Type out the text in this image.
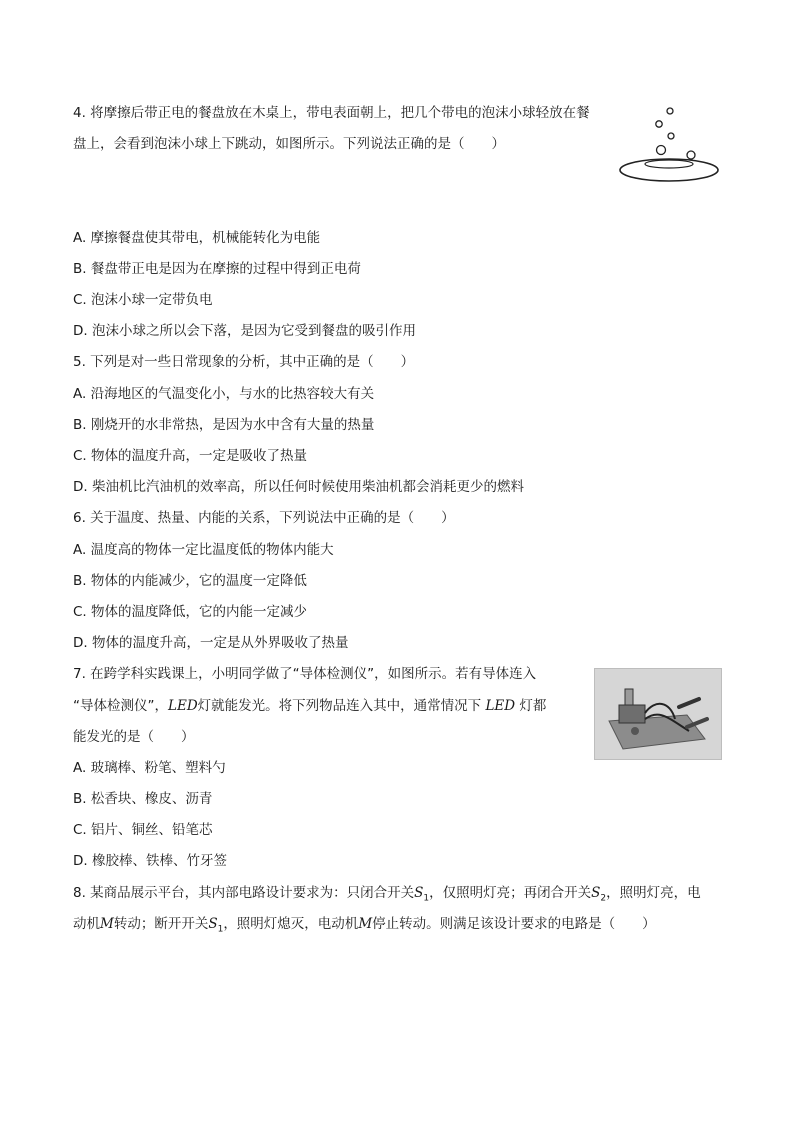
4. 将摩擦后带正电的餐盘放在木桌上，带电表面朝上，把几个带电的泡沫小球轻放在餐
盘上，会看到泡沫小球上下跳动，如图所示。下列说法正确的是（　　）
A. 摩擦餐盘使其带电，机械能转化为电能
B. 餐盘带正电是因为在摩擦的过程中得到正电荷
C. 泡沫小球一定带负电
D. 泡沫小球之所以会下落，是因为它受到餐盘的吸引作用
5. 下列是对一些日常现象的分析，其中正确的是（　　）
A. 沿海地区的气温变化小，与水的比热容较大有关
B. 刚烧开的水非常热，是因为水中含有大量的热量
C. 物体的温度升高，一定是吸收了热量
D. 柴油机比汽油机的效率高，所以任何时候使用柴油机都会消耗更少的燃料
6. 关于温度、热量、内能的关系，下列说法中正确的是（　　）
A. 温度高的物体一定比温度低的物体内能大
B. 物体的内能减少，它的温度一定降低
C. 物体的温度降低，它的内能一定减少
D. 物体的温度升高，一定是从外界吸收了热量
7. 在跨学科实践课上，小明同学做了“导体检测仪”，如图所示。若有导体连入
“导体检测仪”，LED灯就能发光。将下列物品连入其中，通常情况下 LED 灯都
能发光的是（　　）
A. 玻璃棒、粉笔、塑料勺
B. 松香块、橡皮、沥青
C. 铝片、铜丝、铅笔芯
D. 橡胶棒、铁棒、竹牙签
8. 某商品展示平台，其内部电路设计要求为：只闭合开关$S_1$，仅照明灯亮；再闭合开关$S_2$，照明灯亮，电
动机M转动；断开开关$S_1$，照明灯熄灭，电动机M停止转动。则满足该设计要求的电路是（　　）
